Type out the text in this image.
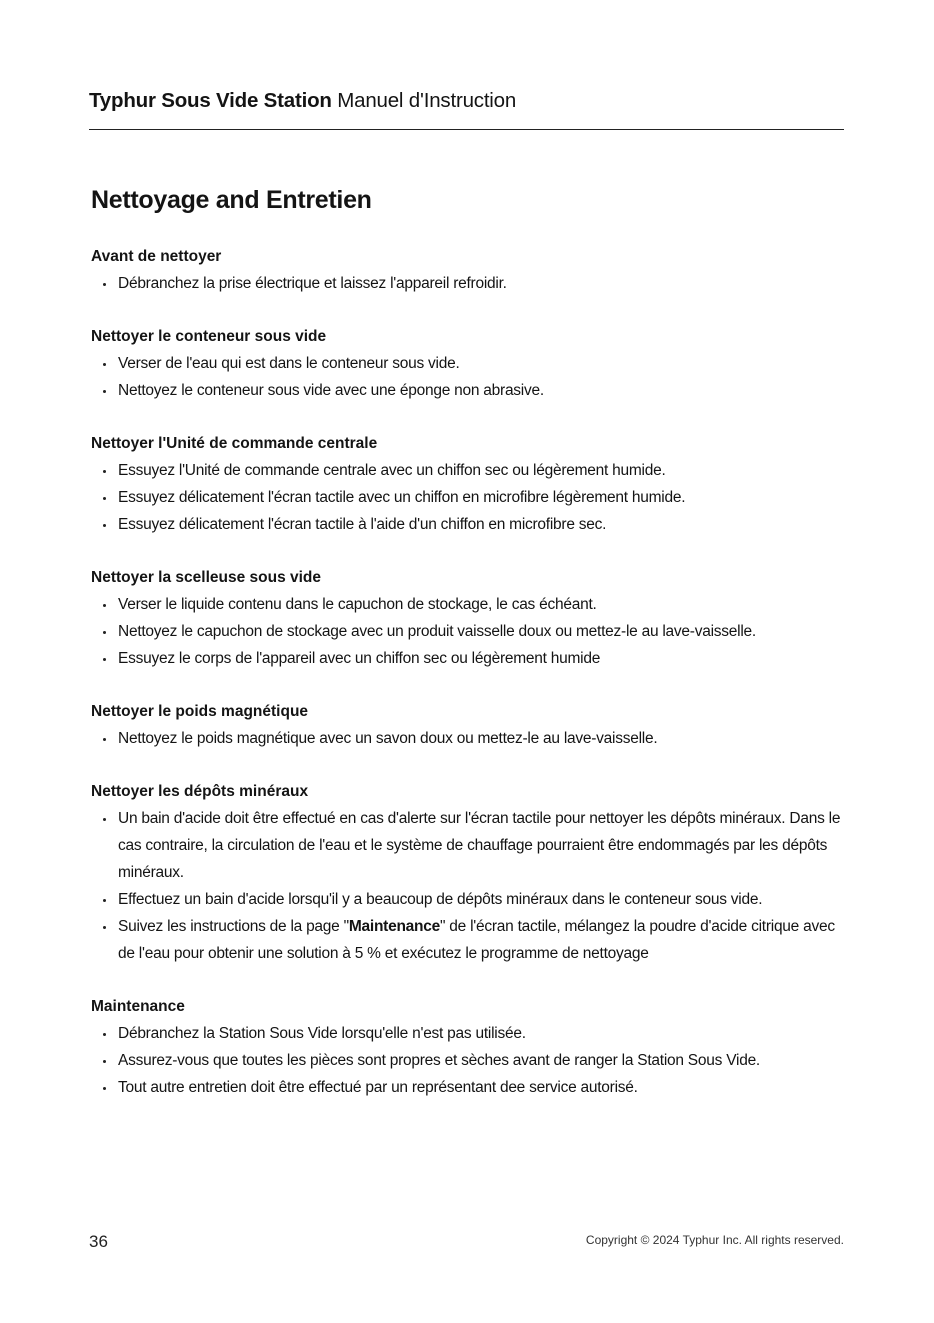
Typhur Sous Vide Station Manuel d'Instruction
Nettoyage and Entretien
Avant de nettoyer
Débranchez la prise électrique et laissez l'appareil refroidir.
Nettoyer le conteneur sous vide
Verser de l'eau qui est dans le conteneur sous vide.
Nettoyez le conteneur sous vide avec une éponge non abrasive.
Nettoyer l'Unité de commande centrale
Essuyez l'Unité de commande centrale avec un chiffon sec ou légèrement humide.
Essuyez délicatement l'écran tactile avec un chiffon en microfibre légèrement humide.
Essuyez délicatement l'écran tactile à l'aide d'un chiffon en microfibre sec.
Nettoyer la scelleuse sous vide
Verser le liquide contenu dans le capuchon de stockage, le cas échéant.
Nettoyez le capuchon de stockage avec un produit vaisselle doux ou mettez-le au lave-vaisselle.
Essuyez le corps de l'appareil avec un chiffon sec ou légèrement humide
Nettoyer le poids magnétique
Nettoyez le poids magnétique avec un savon doux ou mettez-le au lave-vaisselle.
Nettoyer les dépôts minéraux
Un bain d'acide doit être effectué en cas d'alerte sur l'écran tactile pour nettoyer les dépôts minéraux. Dans le cas contraire, la circulation de l'eau et le système de chauffage pourraient être endommagés par les dépôts minéraux.
Effectuez un bain d'acide lorsqu'il y a beaucoup de dépôts minéraux dans le conteneur sous vide.
Suivez les instructions de la page "Maintenance" de l'écran tactile, mélangez la poudre d'acide citrique avec de l'eau pour obtenir une solution à 5 % et exécutez le programme de nettoyage
Maintenance
Débranchez la Station Sous Vide lorsqu'elle n'est pas utilisée.
Assurez-vous que toutes les pièces sont propres et sèches avant de ranger la Station Sous Vide.
Tout autre entretien doit être effectué par un représentant dee service autorisé.
36	Copyright © 2024 Typhur Inc. All rights reserved.
